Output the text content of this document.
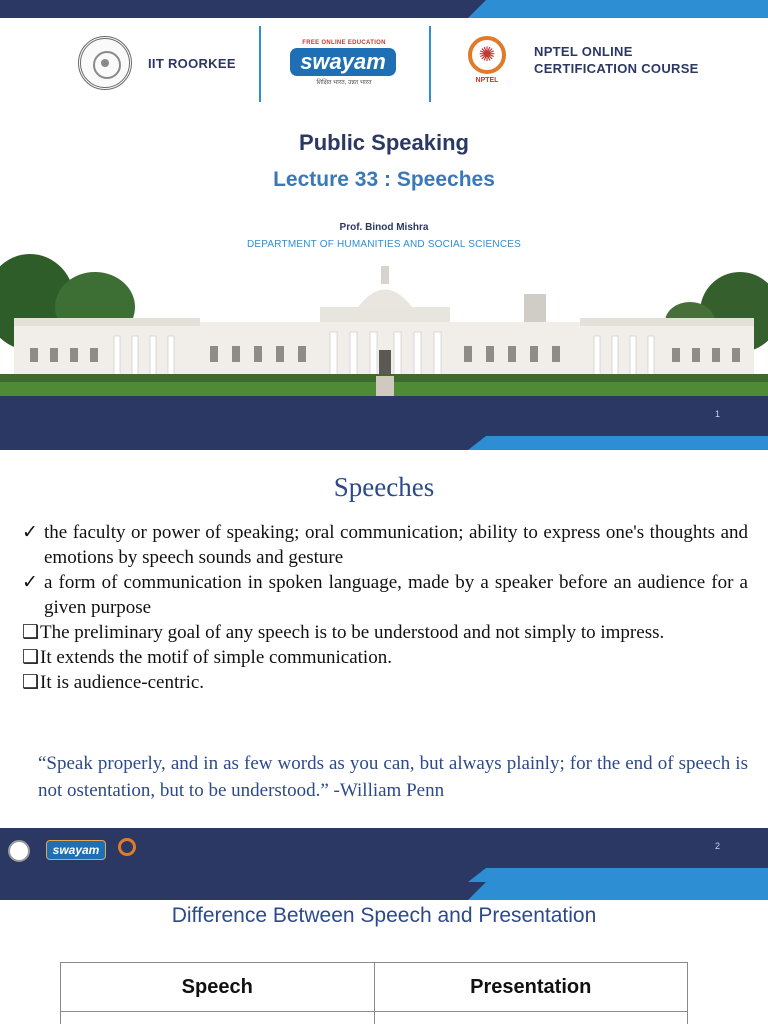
IIT ROORKEE
FREE ONLINE EDUCATION
swayam
शिक्षित भारत, उन्नत भारत
✺	NPTEL
NPTEL ONLINE
CERTIFICATION COURSE
Public Speaking
Lecture 33 : Speeches
Prof. Binod Mishra
DEPARTMENT OF HUMANITIES AND SOCIAL SCIENCES
1
Speeches
✓ the faculty or power of speaking; oral communication; ability to express one's thoughts and emotions by speech sounds and gesture
✓ a form of communication in spoken language, made by a speaker before an audience for a given purpose
❑ The preliminary goal of any speech is to be understood and not simply to impress.
❑ It extends the motif of simple communication.
❑ It is audience-centric.
“Speak properly, and in as few words as you can, but always plainly; for the end of speech is not ostentation, but to be understood.” -William Penn
swayam	2
Difference Between Speech and Presentation
Speech	Presentation
